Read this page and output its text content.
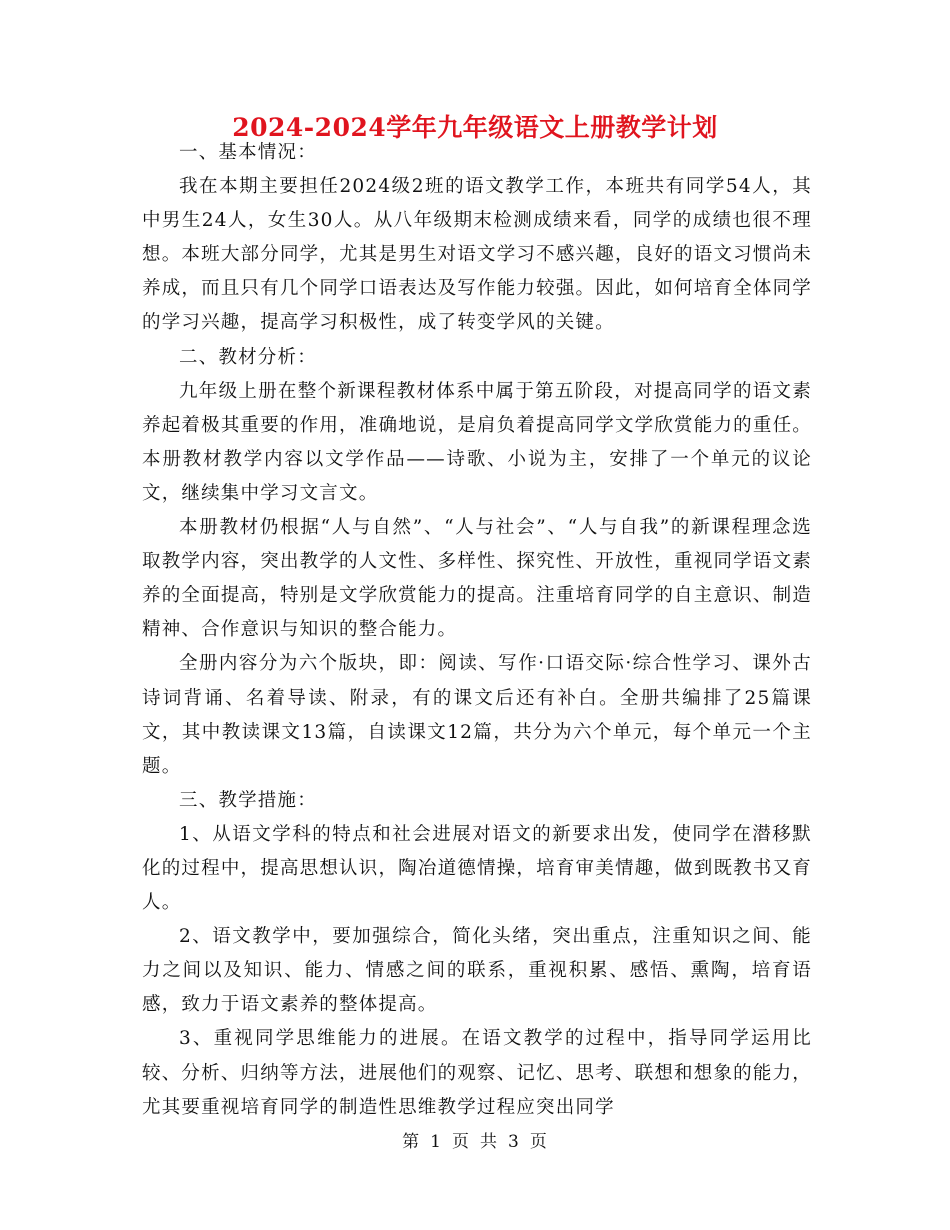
2024-2024学年九年级语文上册教学计划

一、基本情况：

我在本期主要担任2024级2班的语文教学工作，本班共有同学54人，其中男生24人，女生30人。从八年级期末检测成绩来看，同学的成绩也很不理想。本班大部分同学，尤其是男生对语文学习不感兴趣，良好的语文习惯尚未养成，而且只有几个同学口语表达及写作能力较强。因此，如何培育全体同学的学习兴趣，提高学习积极性，成了转变学风的关键。

二、教材分析：

九年级上册在整个新课程教材体系中属于第五阶段，对提高同学的语文素养起着极其重要的作用，准确地说，是肩负着提高同学文学欣赏能力的重任。本册教材教学内容以文学作品——诗歌、小说为主，安排了一个单元的议论文，继续集中学习文言文。

本册教材仍根据“人与自然”、“人与社会”、“人与自我”的新课程理念选取教学内容，突出教学的人文性、多样性、探究性、开放性，重视同学语文素养的全面提高，特别是文学欣赏能力的提高。注重培育同学的自主意识、制造精神、合作意识与知识的整合能力。

全册内容分为六个版块，即：阅读、写作·口语交际·综合性学习、课外古诗词背诵、名着导读、附录，有的课文后还有补白。全册共编排了25篇课文，其中教读课文13篇，自读课文12篇，共分为六个单元，每个单元一个主题。

三、教学措施：

1、从语文学科的特点和社会进展对语文的新要求出发，使同学在潜移默化的过程中，提高思想认识，陶冶道德情操，培育审美情趣，做到既教书又育人。

2、语文教学中，要加强综合，简化头绪，突出重点，注重知识之间、能力之间以及知识、能力、情感之间的联系，重视积累、感悟、熏陶，培育语感，致力于语文素养的整体提高。

3、重视同学思维能力的进展。在语文教学的过程中，指导同学运用比较、分析、归纳等方法，进展他们的观察、记忆、思考、联想和想象的能力，尤其要重视培育同学的制造性思维教学过程应突出同学

第 1 页 共 3 页
